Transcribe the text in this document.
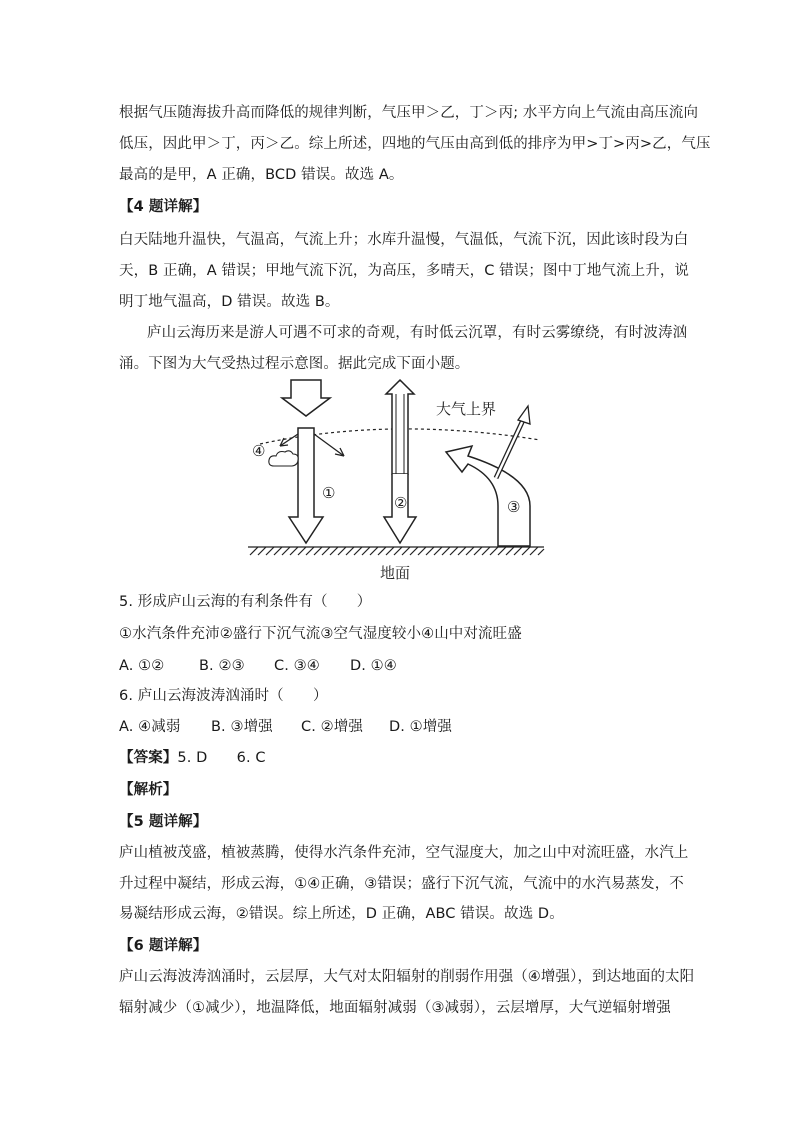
根据气压随海拔升高而降低的规律判断，气压甲＞乙，丁＞丙; 水平方向上气流由高压流向
低压，因此甲＞丁，丙＞乙。综上所述，四地的气压由高到低的排序为甲>丁>丙>乙，气压
最高的是甲，A 正确，BCD 错误。故选 A。
【4 题详解】
白天陆地升温快，气温高，气流上升；水库升温慢，气温低，气流下沉，因此该时段为白
天，B 正确，A 错误；甲地气流下沉，为高压，多晴天，C 错误；图中丁地气流上升，说
明丁地气温高，D 错误。故选 B。
庐山云海历来是游人可遇不可求的奇观，有时低云沉罩，有时云雾缭绕，有时波涛汹
涌。下图为大气受热过程示意图。据此完成下面小题。
大气上界
地面
④
①
②	③
5. 形成庐山云海的有利条件有（　　）
①水汽条件充沛②盛行下沉气流③空气湿度较小④山中对流旺盛
A. ①② B. ②③ C. ③④ D. ①④
6. 庐山云海波涛汹涌时（　　）
A. ④减弱 B. ③增强 C. ②增强 D. ①增强
【答案】5. D　　6. C
【解析】
【5 题详解】
庐山植被茂盛，植被蒸腾，使得水汽条件充沛，空气湿度大，加之山中对流旺盛，水汽上
升过程中凝结，形成云海，①④正确，③错误；盛行下沉气流，气流中的水汽易蒸发，不
易凝结形成云海，②错误。综上所述，D 正确，ABC 错误。故选 D。
【6 题详解】
庐山云海波涛汹涌时，云层厚，大气对太阳辐射的削弱作用强（④增强），到达地面的太阳
辐射减少（①减少），地温降低，地面辐射减弱（③减弱），云层增厚，大气逆辐射增强
